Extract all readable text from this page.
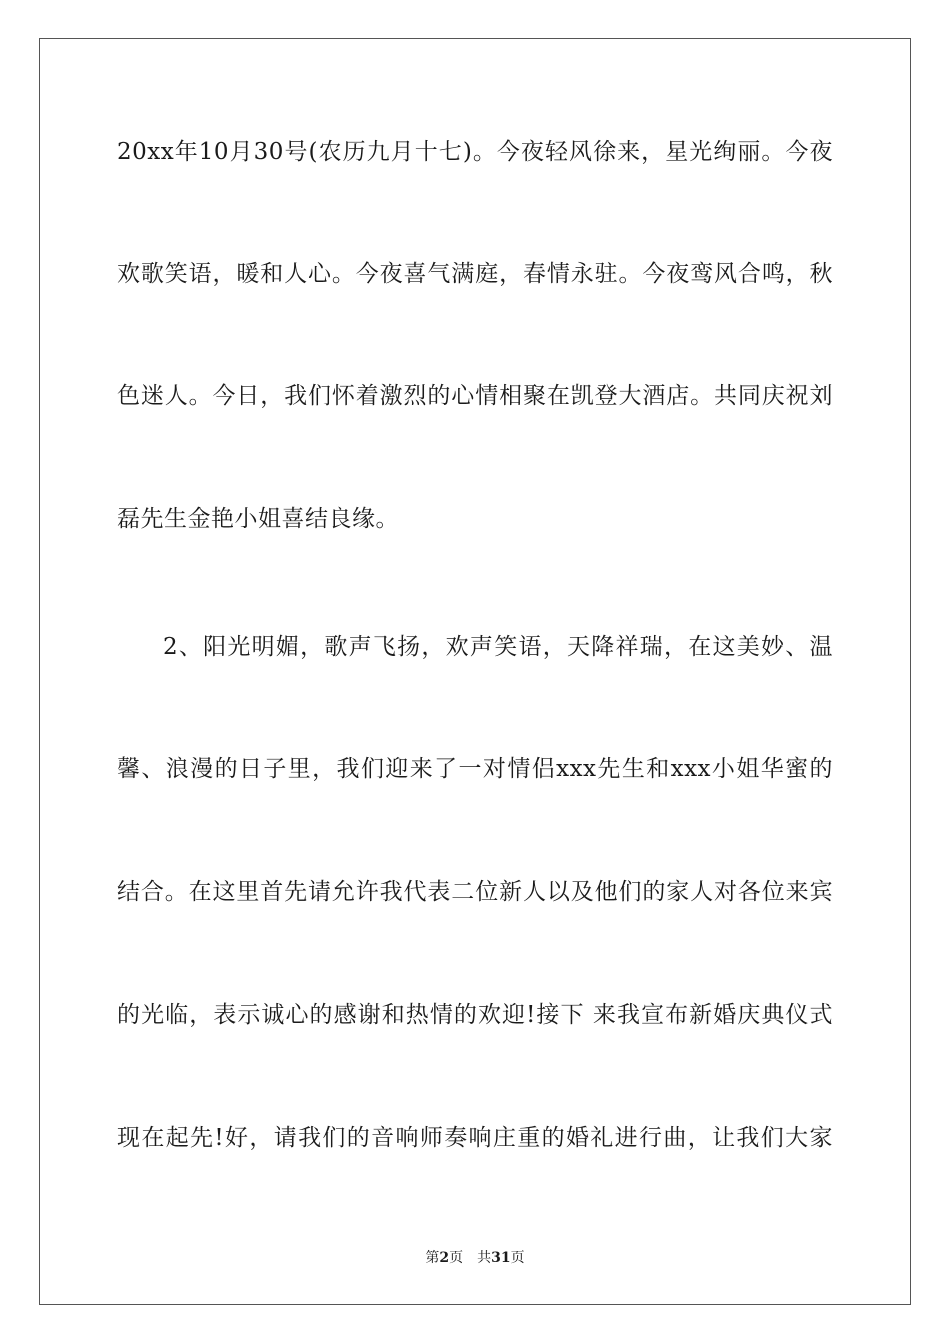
20xx年10月30号(农历九月十七)。今夜轻风徐来，星光绚丽。今夜
欢歌笑语，暖和人心。今夜喜气满庭，春情永驻。今夜鸾风合鸣，秋
色迷人。今日，我们怀着激烈的心情相聚在凯登大酒店。共同庆祝刘
磊先生金艳小姐喜结良缘。
2、阳光明媚，歌声飞扬，欢声笑语，天降祥瑞，在这美妙、温
馨、浪漫的日子里，我们迎来了一对情侣xxx先生和xxx小姐华蜜的
结合。在这里首先请允许我代表二位新人以及他们的家人对各位来宾
的光临，表示诚心的感谢和热情的欢迎!接下 来我宣布新婚庆典仪式
现在起先!好，请我们的音响师奏响庄重的婚礼进行曲，让我们大家
第2页 共31页
